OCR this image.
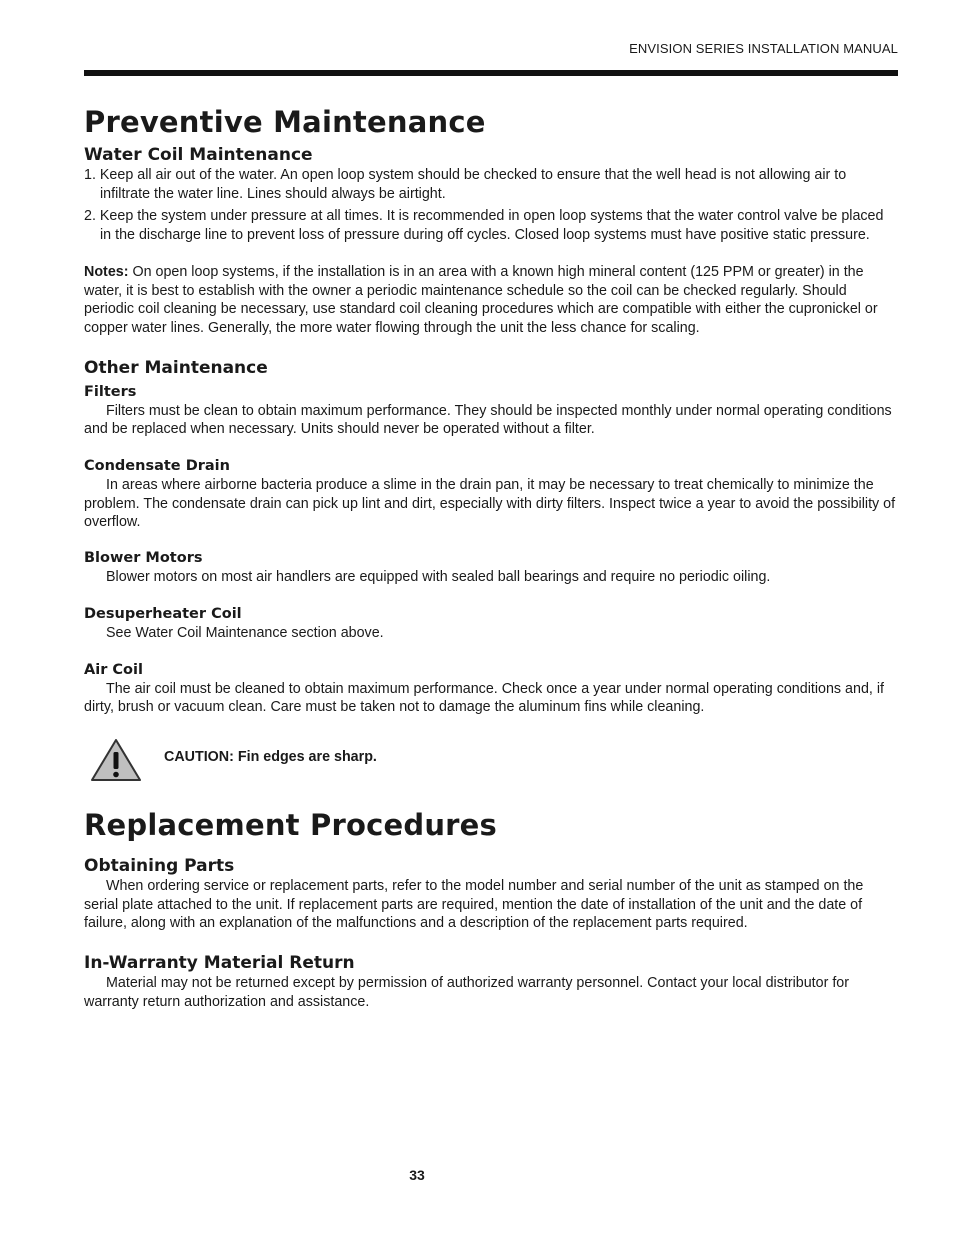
ENVISION SERIES INSTALLATION MANUAL
Preventive Maintenance
Water Coil Maintenance
1. Keep all air out of the water. An open loop system should be checked to ensure that the well head is not allowing air to infiltrate the water line. Lines should always be airtight.
2. Keep the system under pressure at all times. It is recommended in open loop systems that the water control valve be placed in the discharge line to prevent loss of pressure during off cycles. Closed loop systems must have positive static pressure.

Notes: On open loop systems, if the installation is in an area with a known high mineral content (125 PPM or greater) in the water, it is best to establish with the owner a periodic maintenance schedule so the coil can be checked regularly. Should periodic coil cleaning be necessary, use standard coil cleaning procedures which are compatible with either the cupronickel or copper water lines. Generally, the more water flowing through the unit the less chance for scaling.

Other Maintenance
Filters

Filters must be clean to obtain maximum performance. They should be inspected monthly under normal operating conditions and be replaced when necessary. Units should never be operated without a filter.

Condensate Drain

In areas where airborne bacteria produce a slime in the drain pan, it may be necessary to treat chemically to minimize the problem. The condensate drain can pick up lint and dirt, especially with dirty filters. Inspect twice a year to avoid the possibility of overflow.

Blower Motors

Blower motors on most air handlers are equipped with sealed ball bearings and require no periodic oiling.

Desuperheater Coil

See Water Coil Maintenance section above.

Air Coil

The air coil must be cleaned to obtain maximum performance. Check once a year under normal operating conditions and, if dirty, brush or vacuum clean. Care must be taken not to damage the aluminum fins while cleaning.

CAUTION: Fin edges are sharp.
Replacement Procedures
Obtaining Parts

When ordering service or replacement parts, refer to the model number and serial number of the unit as stamped on the serial plate attached to the unit. If replacement parts are required, mention the date of installation of the unit and the date of failure, along with an explanation of the malfunctions and a description of the replacement parts required.

In-Warranty Material Return

Material may not be returned except by permission of authorized warranty personnel. Contact your local distributor for warranty return authorization and assistance.

33
